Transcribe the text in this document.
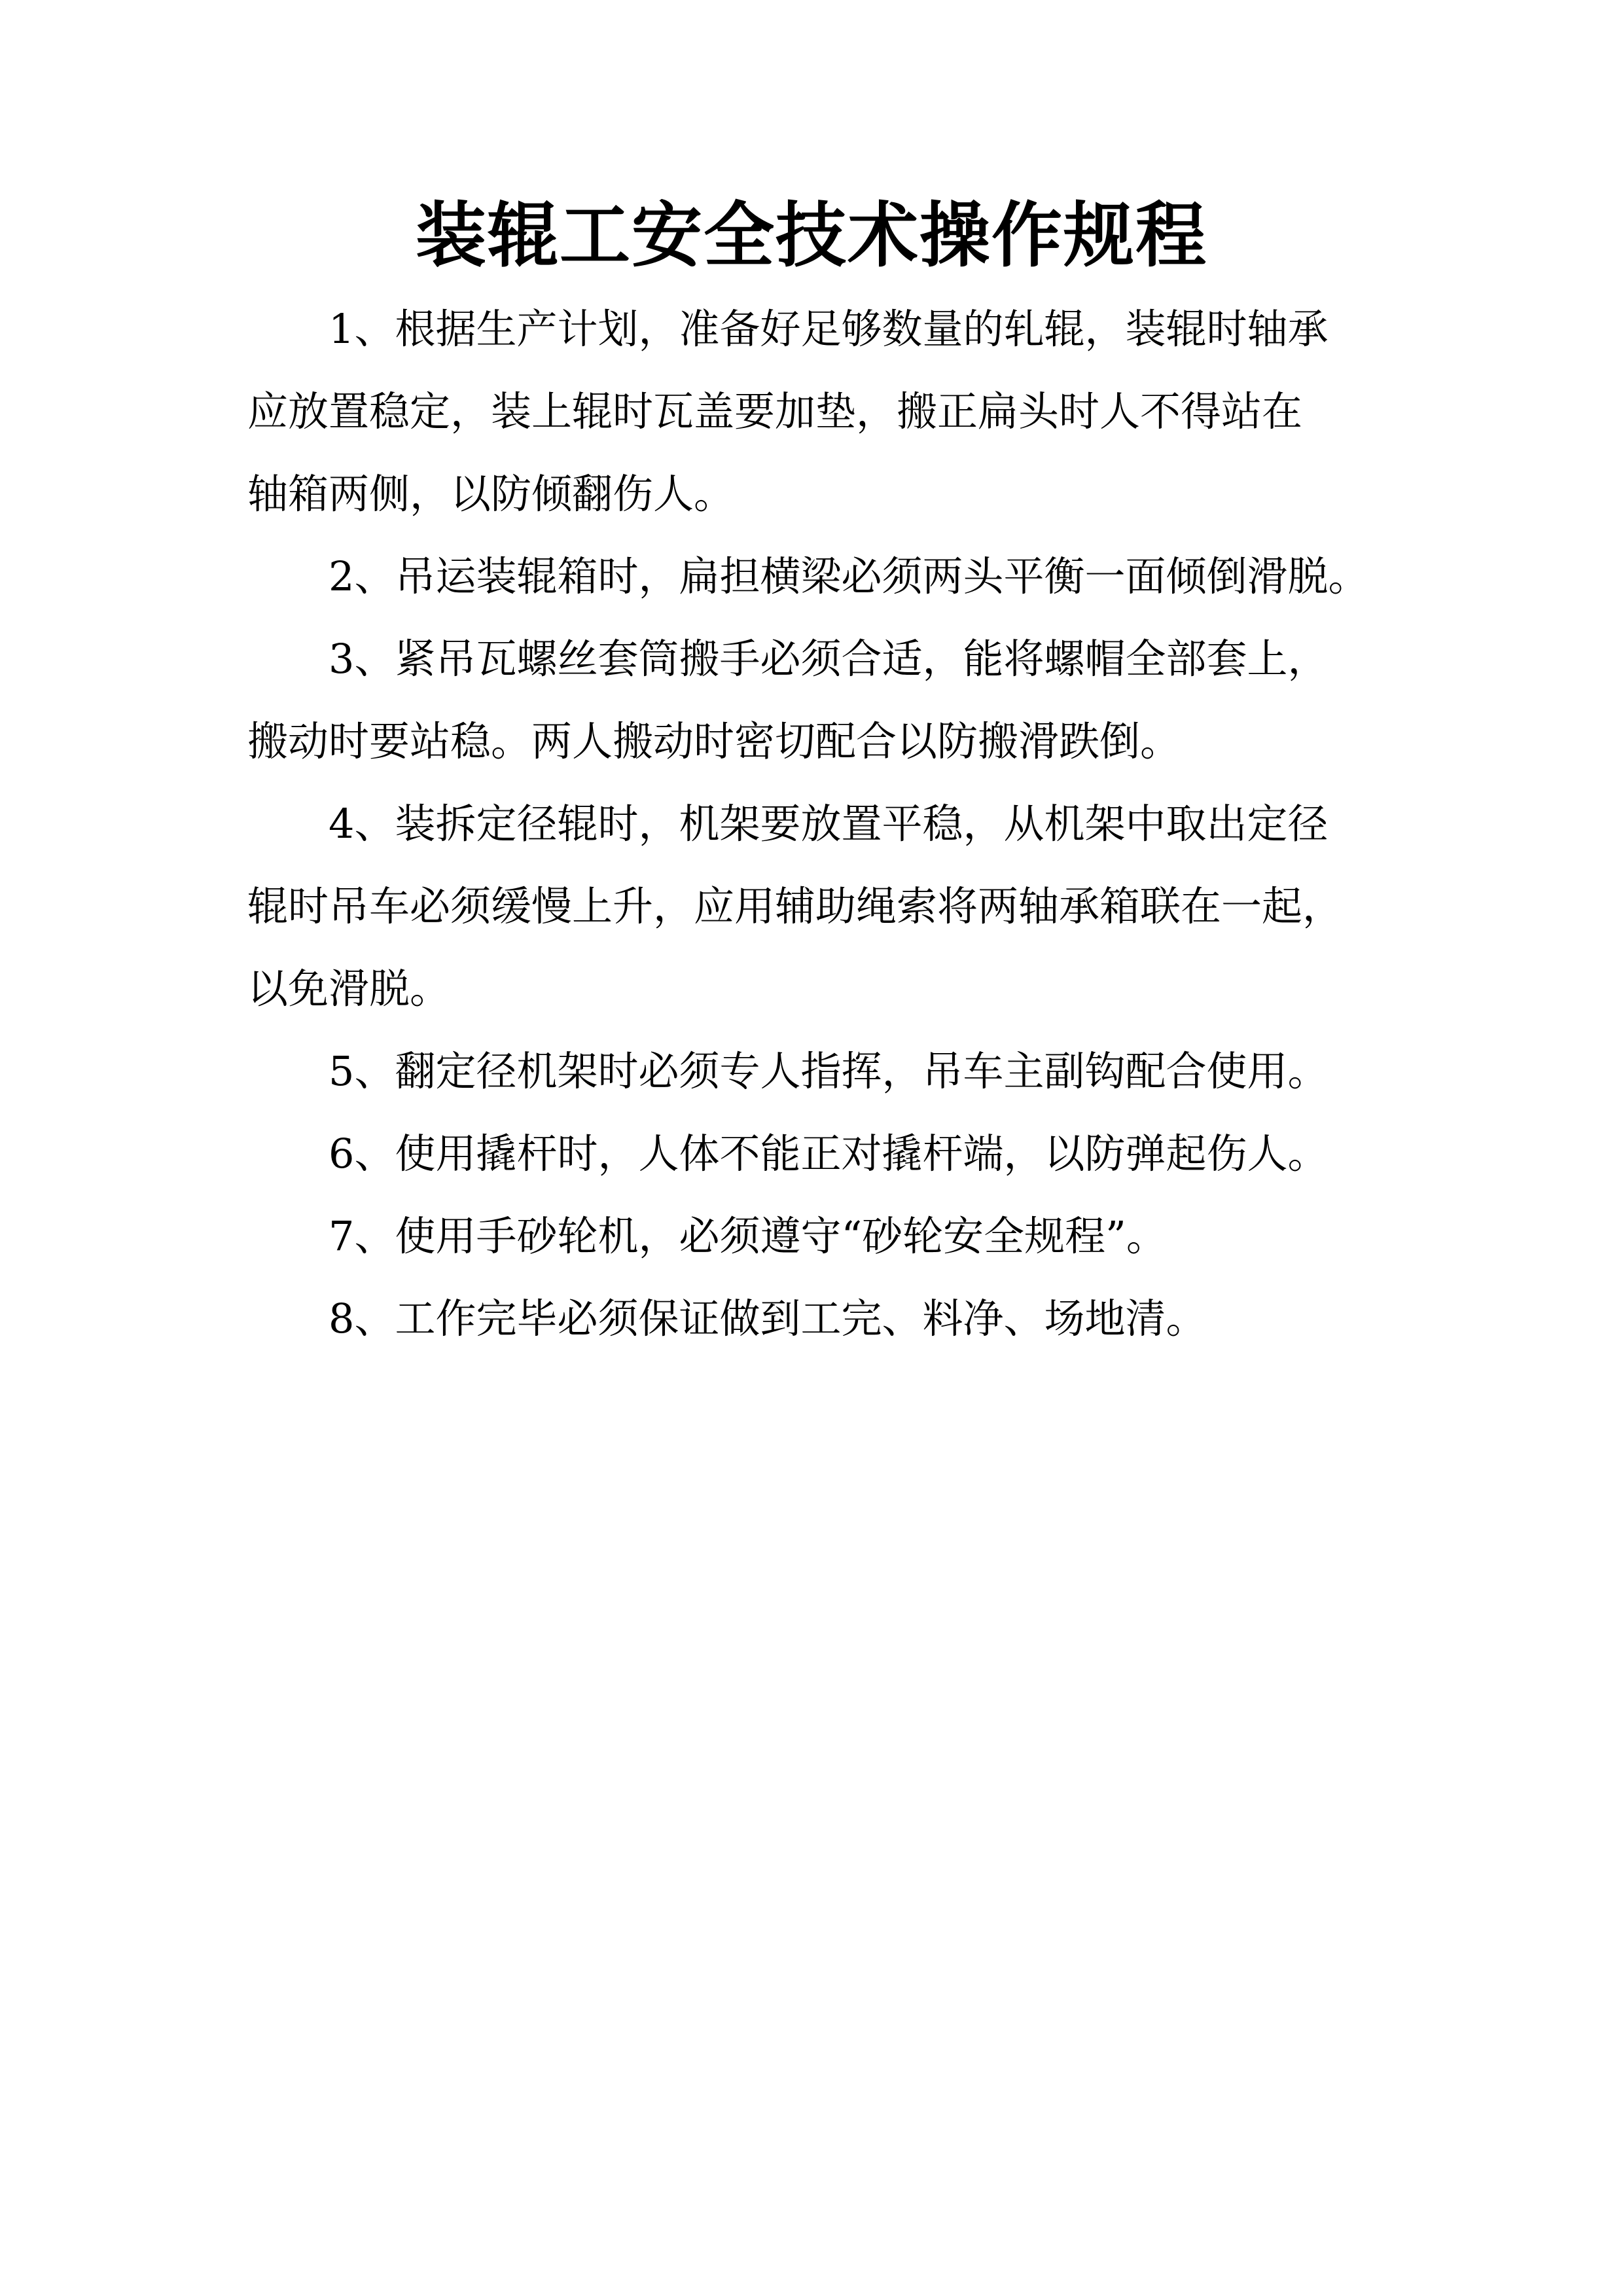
装辊工安全技术操作规程

1、根据生产计划，准备好足够数量的轧辊，装辊时轴承
应放置稳定，装上辊时瓦盖要加垫，搬正扁头时人不得站在
轴箱两侧，以防倾翻伤人。

2、吊运装辊箱时，扁担横梁必须两头平衡一面倾倒滑脱。

3、紧吊瓦螺丝套筒搬手必须合适，能将螺帽全部套上，
搬动时要站稳。两人搬动时密切配合以防搬滑跌倒。

4、装拆定径辊时，机架要放置平稳，从机架中取出定径
辊时吊车必须缓慢上升，应用辅助绳索将两轴承箱联在一起，
以免滑脱。

5、翻定径机架时必须专人指挥，吊车主副钩配合使用。

6、使用撬杆时，人体不能正对撬杆端，以防弹起伤人。

7、使用手砂轮机，必须遵守“砂轮安全规程”。

8、工作完毕必须保证做到工完、料净、场地清。
